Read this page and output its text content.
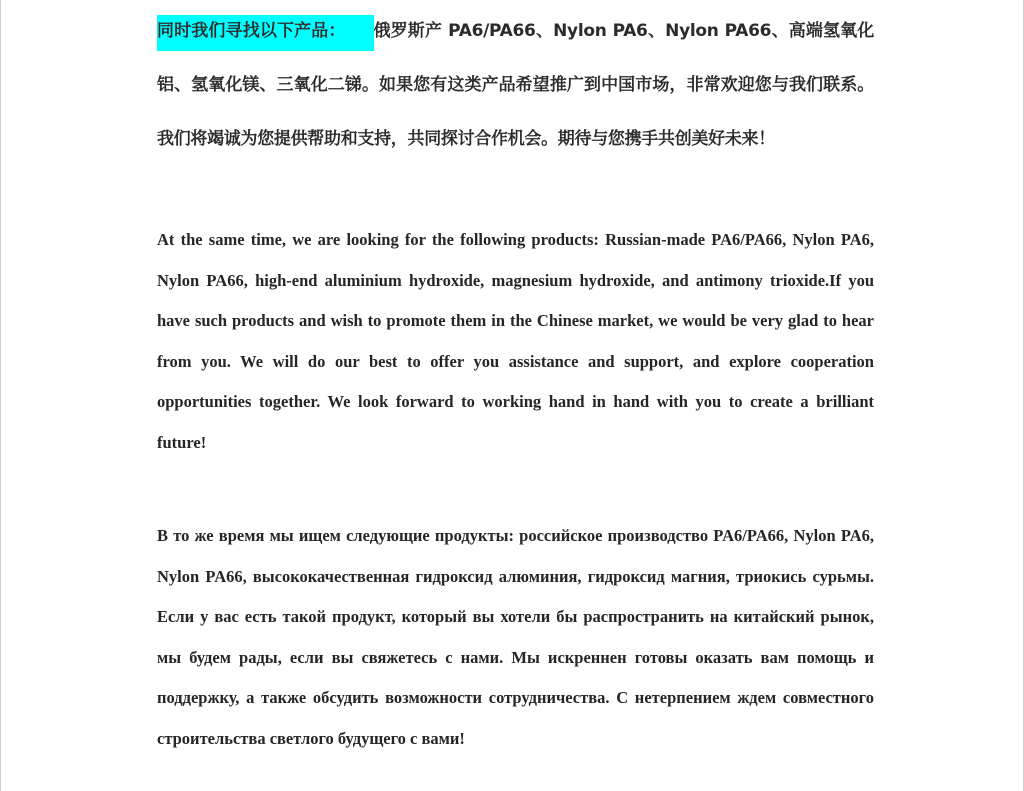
同时我们寻找以下产品： 俄罗斯产 PA6/PA66、Nylon PA6、Nylon PA66、高端氢氧化铝、氢氧化镁、三氧化二锑。如果您有这类产品希望推广到中国市场，非常欢迎您与我们联系。我们将竭诚为您提供帮助和支持，共同探讨合作机会。期待与您携手共创美好未来！

At the same time, we are looking for the following products: Russian-made PA6/PA66, Nylon PA6, Nylon PA66, high-end aluminium hydroxide, magnesium hydroxide, and antimony trioxide.If you have such products and wish to promote them in the Chinese market, we would be very glad to hear from you. We will do our best to offer you assistance and support, and explore cooperation opportunities together. We look forward to working hand in hand with you to create a brilliant future!

В то же время мы ищем следующие продукты: российское производство PA6/PA66, Nylon PA6, Nylon PA66, высококачественная гидроксид алюминия, гидроксид магния, триокись сурьмы. Если у вас есть такой продукт, который вы хотели бы распространить на китайский рынок, мы будем рады, если вы свяжетесь с нами. Мы искреннен готовы оказать вам помощь и поддержку, а также обсудить возможности сотрудничества. С нетерпением ждем совместного строительства светлого будущего с вами!
